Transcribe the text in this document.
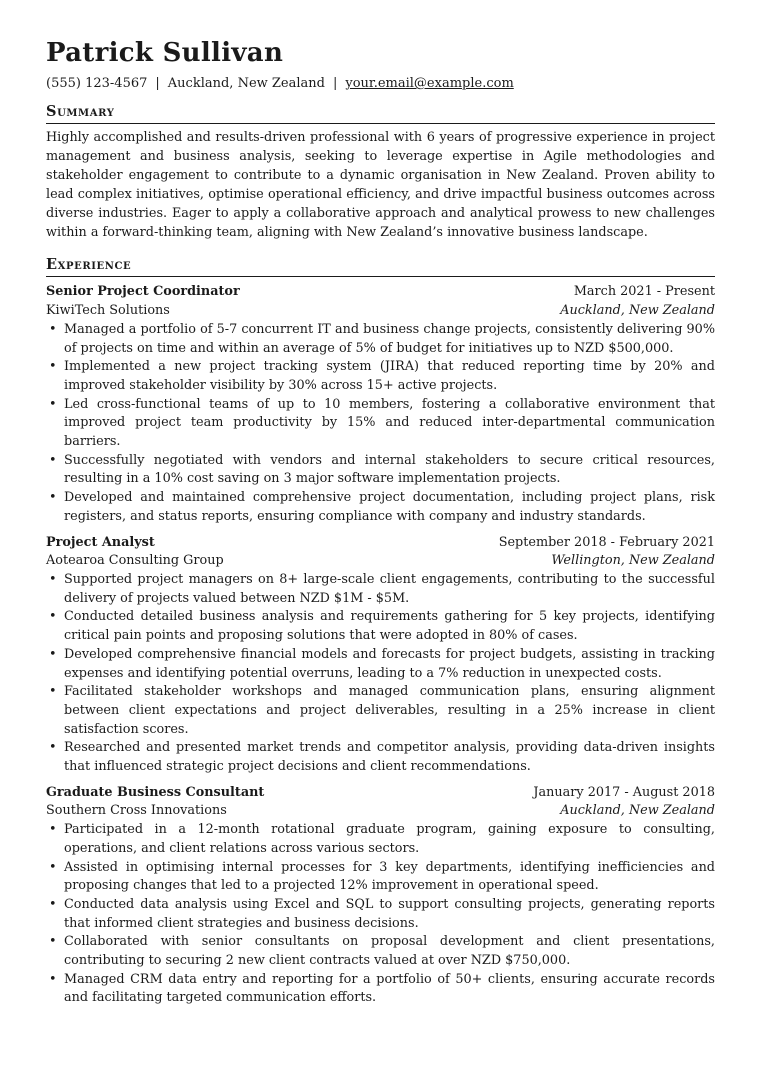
Patrick Sullivan
(555) 123-4567 | Auckland, New Zealand | your.email@example.com
Summary

Highly accomplished and results-driven professional with 6 years of progressive experience in project management and business analysis, seeking to leverage expertise in Agile methodologies and stakeholder engagement to contribute to a dynamic organisation in New Zealand. Proven ability to lead complex initiatives, optimise operational efficiency, and drive impactful business outcomes across diverse industries. Eager to apply a collaborative approach and analytical prowess to new challenges within a forward-thinking team, aligning with New Zealand’s innovative business landscape.

Experience
Senior Project Coordinator	March 2021 - Present
KiwiTech Solutions	Auckland, New Zealand
• Managed a portfolio of 5-7 concurrent IT and business change projects, consistently delivering 90% of projects on time and within an average of 5% of budget for initiatives up to NZD $500,000.
• Implemented a new project tracking system (JIRA) that reduced reporting time by 20% and improved stakeholder visibility by 30% across 15+ active projects.
• Led cross-functional teams of up to 10 members, fostering a collaborative environment that improved project team productivity by 15% and reduced inter-departmental communication barriers.
• Successfully negotiated with vendors and internal stakeholders to secure critical resources, resulting in a 10% cost saving on 3 major software implementation projects.
• Developed and maintained comprehensive project documentation, including project plans, risk registers, and status reports, ensuring compliance with company and industry standards.
Project Analyst	September 2018 - February 2021
Aotearoa Consulting Group	Wellington, New Zealand
• Supported project managers on 8+ large-scale client engagements, contributing to the successful delivery of projects valued between NZD $1M - $5M.
• Conducted detailed business analysis and requirements gathering for 5 key projects, identifying critical pain points and proposing solutions that were adopted in 80% of cases.
• Developed comprehensive financial models and forecasts for project budgets, assisting in tracking expenses and identifying potential overruns, leading to a 7% reduction in unexpected costs.
• Facilitated stakeholder workshops and managed communication plans, ensuring alignment between client expectations and project deliverables, resulting in a 25% increase in client satisfaction scores.
• Researched and presented market trends and competitor analysis, providing data-driven insights that influenced strategic project decisions and client recommendations.
Graduate Business Consultant	January 2017 - August 2018
Southern Cross Innovations	Auckland, New Zealand
• Participated in a 12-month rotational graduate program, gaining exposure to consulting, operations, and client relations across various sectors.
• Assisted in optimising internal processes for 3 key departments, identifying inefficiencies and proposing changes that led to a projected 12% improvement in operational speed.
• Conducted data analysis using Excel and SQL to support consulting projects, generating reports that informed client strategies and business decisions.
• Collaborated with senior consultants on proposal development and client presentations, contributing to securing 2 new client contracts valued at over NZD $750,000.
• Managed CRM data entry and reporting for a portfolio of 50+ clients, ensuring accurate records and facilitating targeted communication efforts.
